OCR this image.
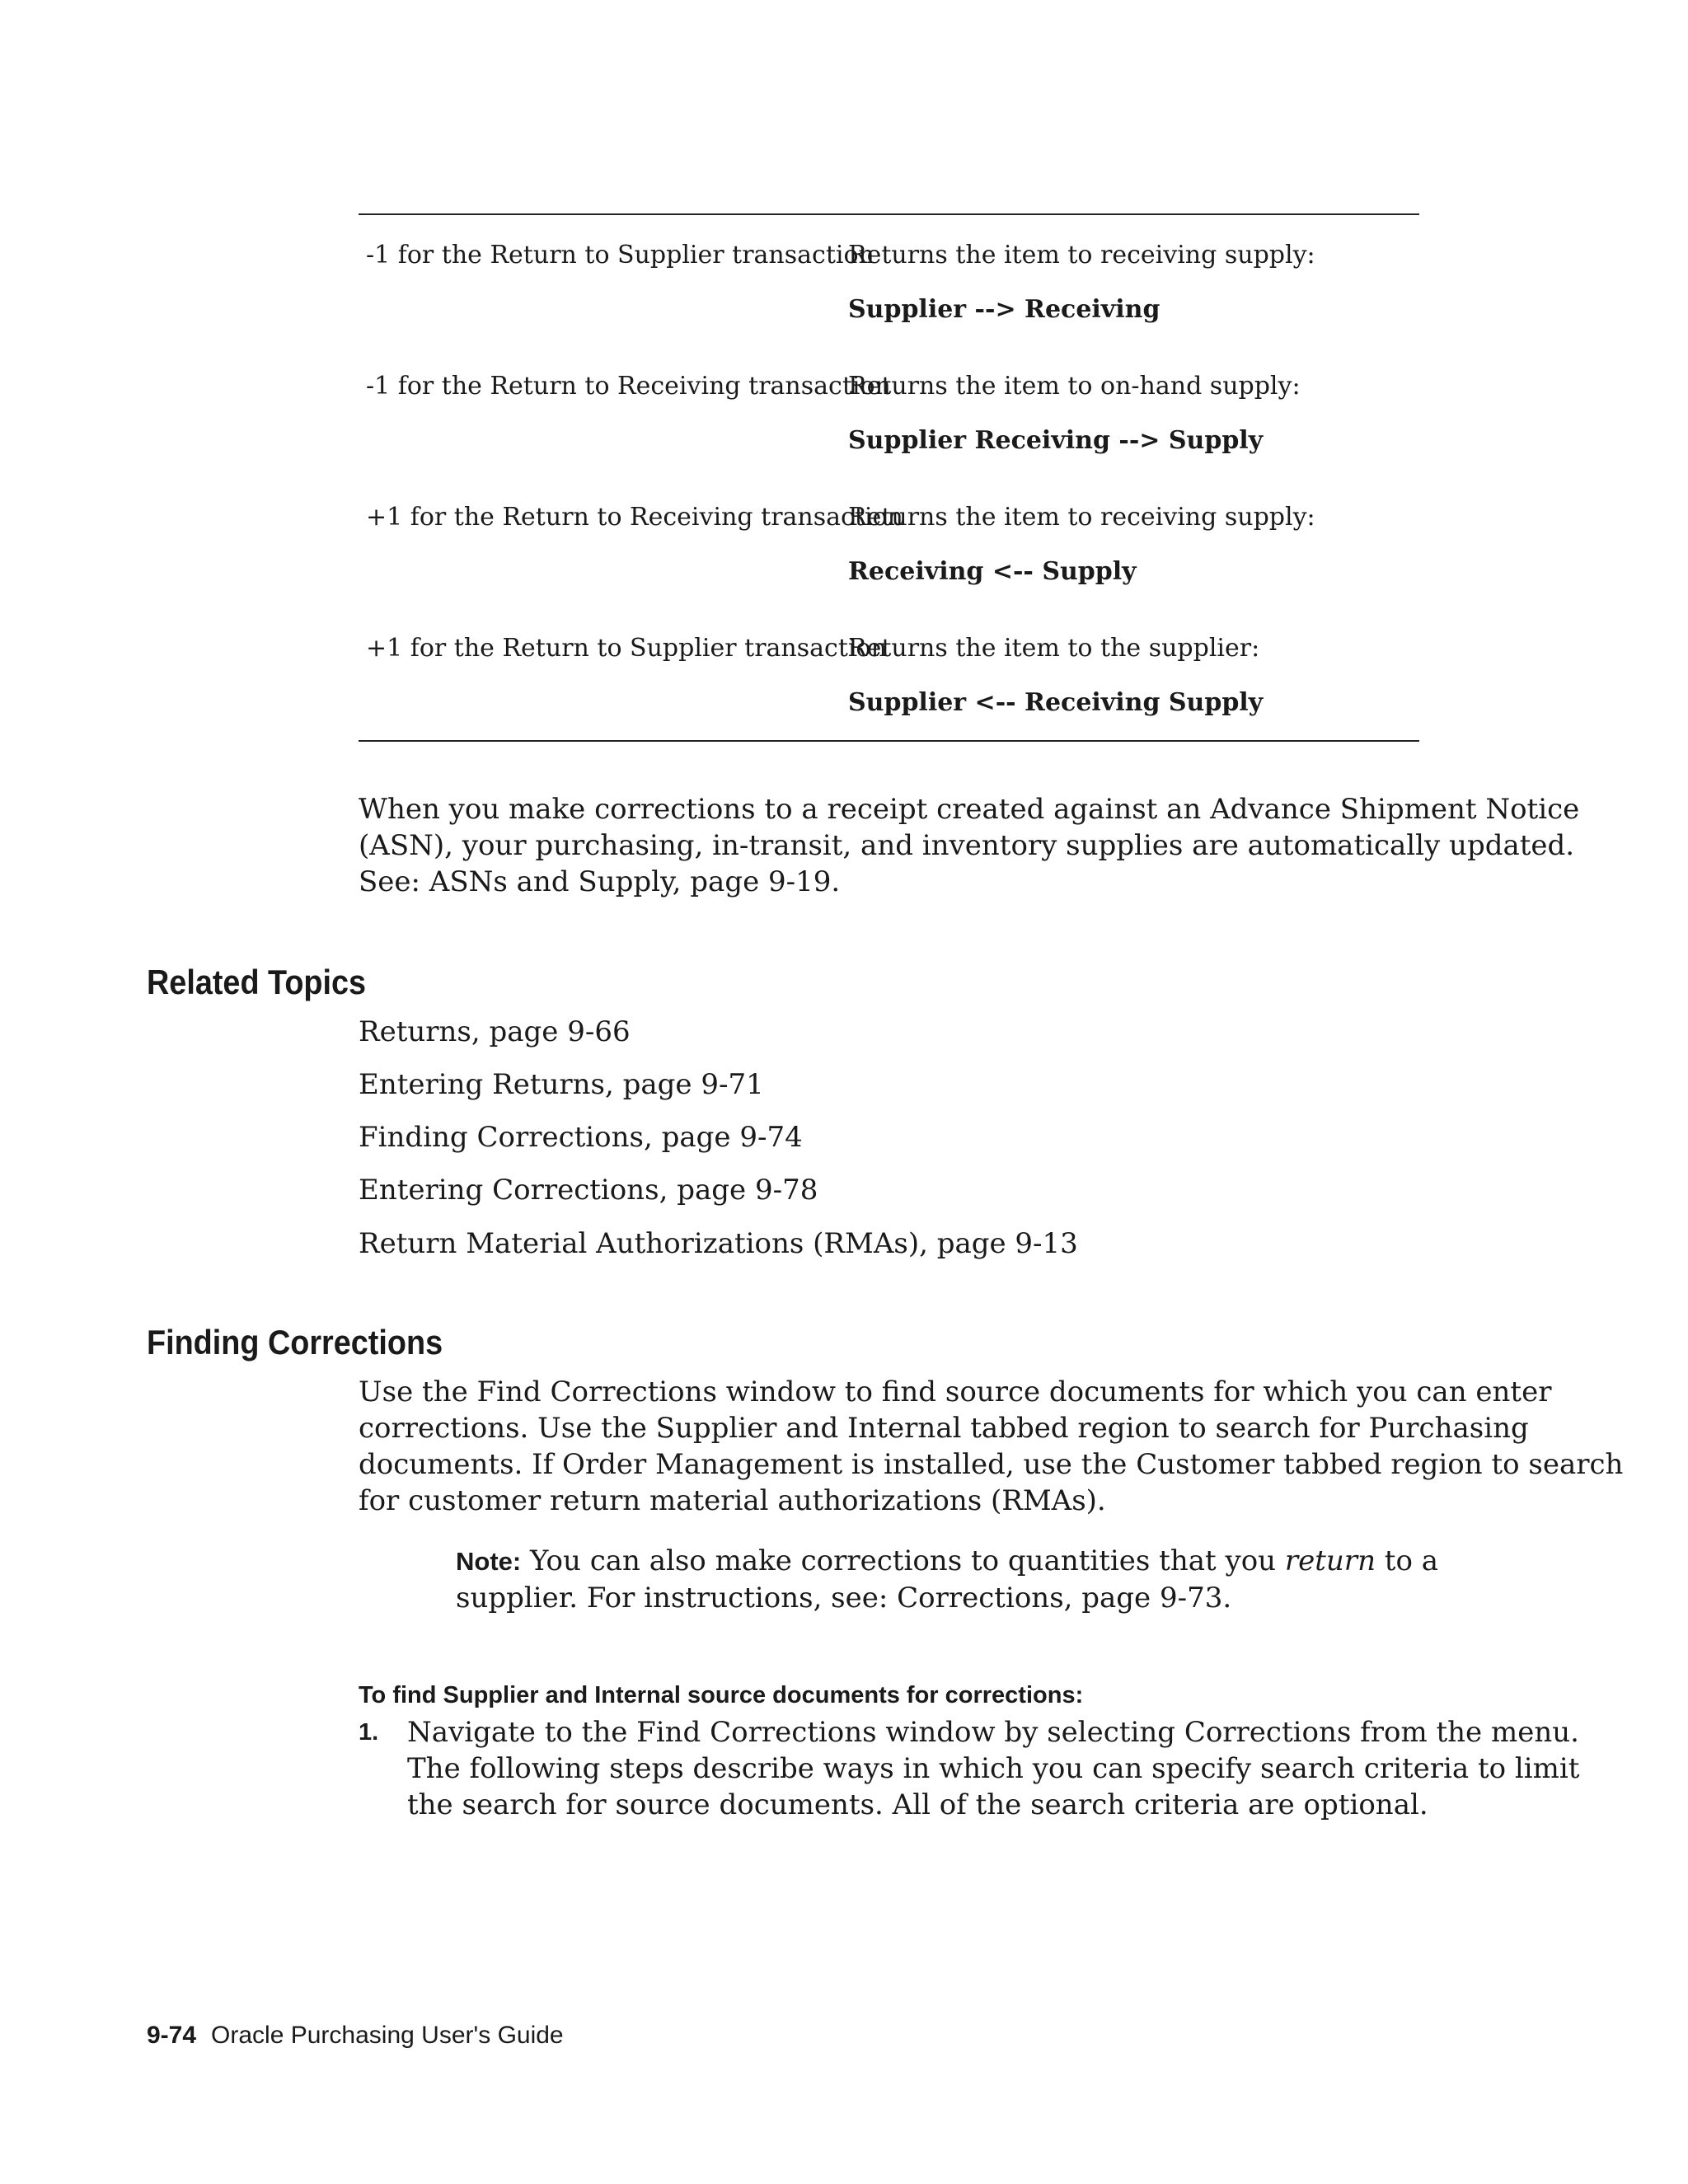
-1 for the Return to Supplier transaction
Returns the item to receiving supply:
Supplier --> Receiving
-1 for the Return to Receiving transaction
Returns the item to on-hand supply:
Supplier Receiving --> Supply
+1 for the Return to Receiving transaction
Returns the item to receiving supply:
Receiving <-- Supply
+1 for the Return to Supplier transaction
Returns the item to the supplier:
Supplier <-- Receiving Supply
When you make corrections to a receipt created against an Advance Shipment Notice
(ASN), your purchasing, in-transit, and inventory supplies are automatically updated.
See: ASNs and Supply, page 9-19.
Related Topics
Returns, page 9-66
Entering Returns, page 9-71
Finding Corrections, page 9-74
Entering Corrections, page 9-78
Return Material Authorizations (RMAs), page 9-13
Finding Corrections
Use the Find Corrections window to find source documents for which you can enter
corrections. Use the Supplier and Internal tabbed region to search for Purchasing
documents. If Order Management is installed, use the Customer tabbed region to search
for customer return material authorizations (RMAs).
Note: You can also make corrections to quantities that you return to a
supplier. For instructions, see: Corrections, page 9-73.
To find Supplier and Internal source documents for corrections:
1. Navigate to the Find Corrections window by selecting Corrections from the menu.
The following steps describe ways in which you can specify search criteria to limit
the search for source documents. All of the search criteria are optional.
9-74 Oracle Purchasing User's Guide
